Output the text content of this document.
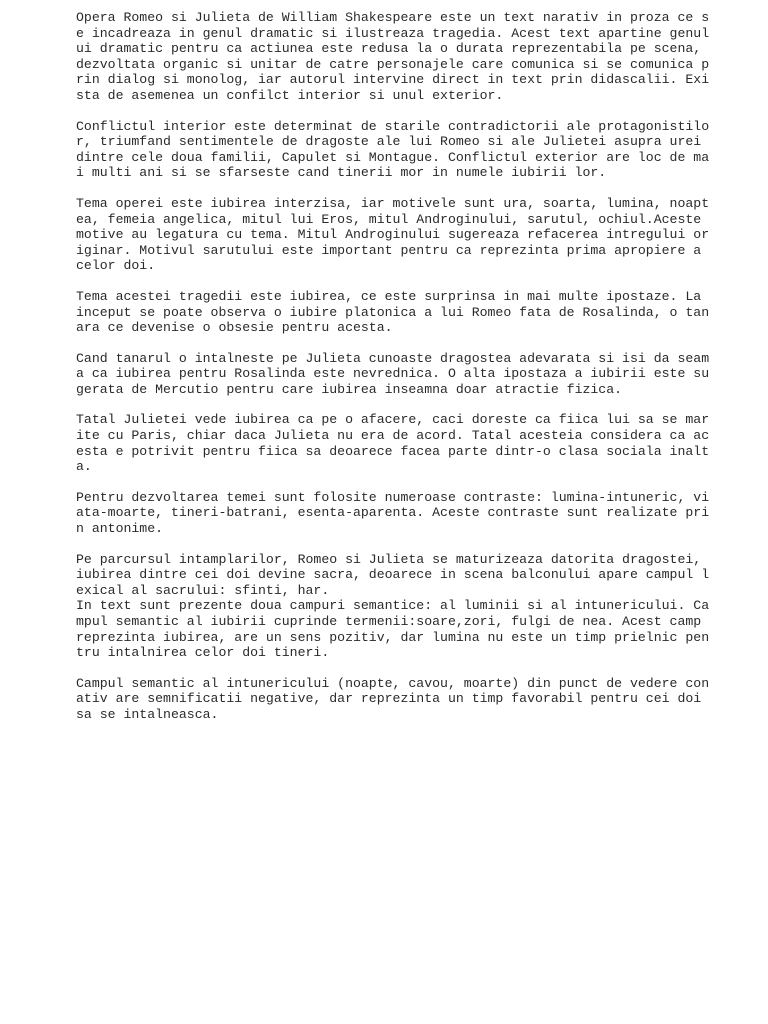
Opera Romeo si Julieta de William Shakespeare este un text narativ in proza ce s
e incadreaza in genul dramatic si ilustreaza tragedia. Acest text apartine genul
ui dramatic pentru ca actiunea este redusa la o durata reprezentabila pe scena,
dezvoltata organic si unitar de catre personajele care comunica si se comunica p
rin dialog si monolog, iar autorul intervine direct in text prin didascalii. Exi
sta de asemenea un confilct interior si unul exterior.

Conflictul interior este determinat de starile contradictorii ale protagonistilo
r, triumfand sentimentele de dragoste ale lui Romeo si ale Julietei asupra urei
dintre cele doua familii, Capulet si Montague. Conflictul exterior are loc de ma
i multi ani si se sfarseste cand tinerii mor in numele iubirii lor.

Tema operei este iubirea interzisa, iar motivele sunt ura, soarta, lumina, noapt
ea, femeia angelica, mitul lui Eros, mitul Androginului, sarutul, ochiul.Aceste
motive au legatura cu tema. Mitul Androginului sugereaza refacerea intregului or
iginar. Motivul sarutului este important pentru ca reprezinta prima apropiere a
celor doi.

Tema acestei tragedii este iubirea, ce este surprinsa in mai multe ipostaze. La
inceput se poate observa o iubire platonica a lui Romeo fata de Rosalinda, o tan
ara ce devenise o obsesie pentru acesta.

Cand tanarul o intalneste pe Julieta cunoaste dragostea adevarata si isi da seam
a ca iubirea pentru Rosalinda este nevrednica. O alta ipostaza a iubirii este su
gerata de Mercutio pentru care iubirea inseamna doar atractie fizica.

Tatal Julietei vede iubirea ca pe o afacere, caci doreste ca fiica lui sa se mar
ite cu Paris, chiar daca Julieta nu era de acord. Tatal acesteia considera ca ac
esta e potrivit pentru fiica sa deoarece facea parte dintr-o clasa sociala inalt
a.

Pentru dezvoltarea temei sunt folosite numeroase contraste: lumina-intuneric, vi
ata-moarte, tineri-batrani, esenta-aparenta. Aceste contraste sunt realizate pri
n antonime.

Pe parcursul intamplarilor, Romeo si Julieta se maturizeaza datorita dragostei,
iubirea dintre cei doi devine sacra, deoarece in scena balconului apare campul l
exical al sacrului: sfinti, har.

In text sunt prezente doua campuri semantice: al luminii si al intunericului. Ca
mpul semantic al iubirii cuprinde termenii:soare,zori, fulgi de nea. Acest camp
reprezinta iubirea, are un sens pozitiv, dar lumina nu este un timp prielnic pen
tru intalnirea celor doi tineri.

Campul semantic al intunericului (noapte, cavou, moarte) din punct de vedere con
ativ are semnificatii negative, dar reprezinta un timp favorabil pentru cei doi
sa se intalneasca.
